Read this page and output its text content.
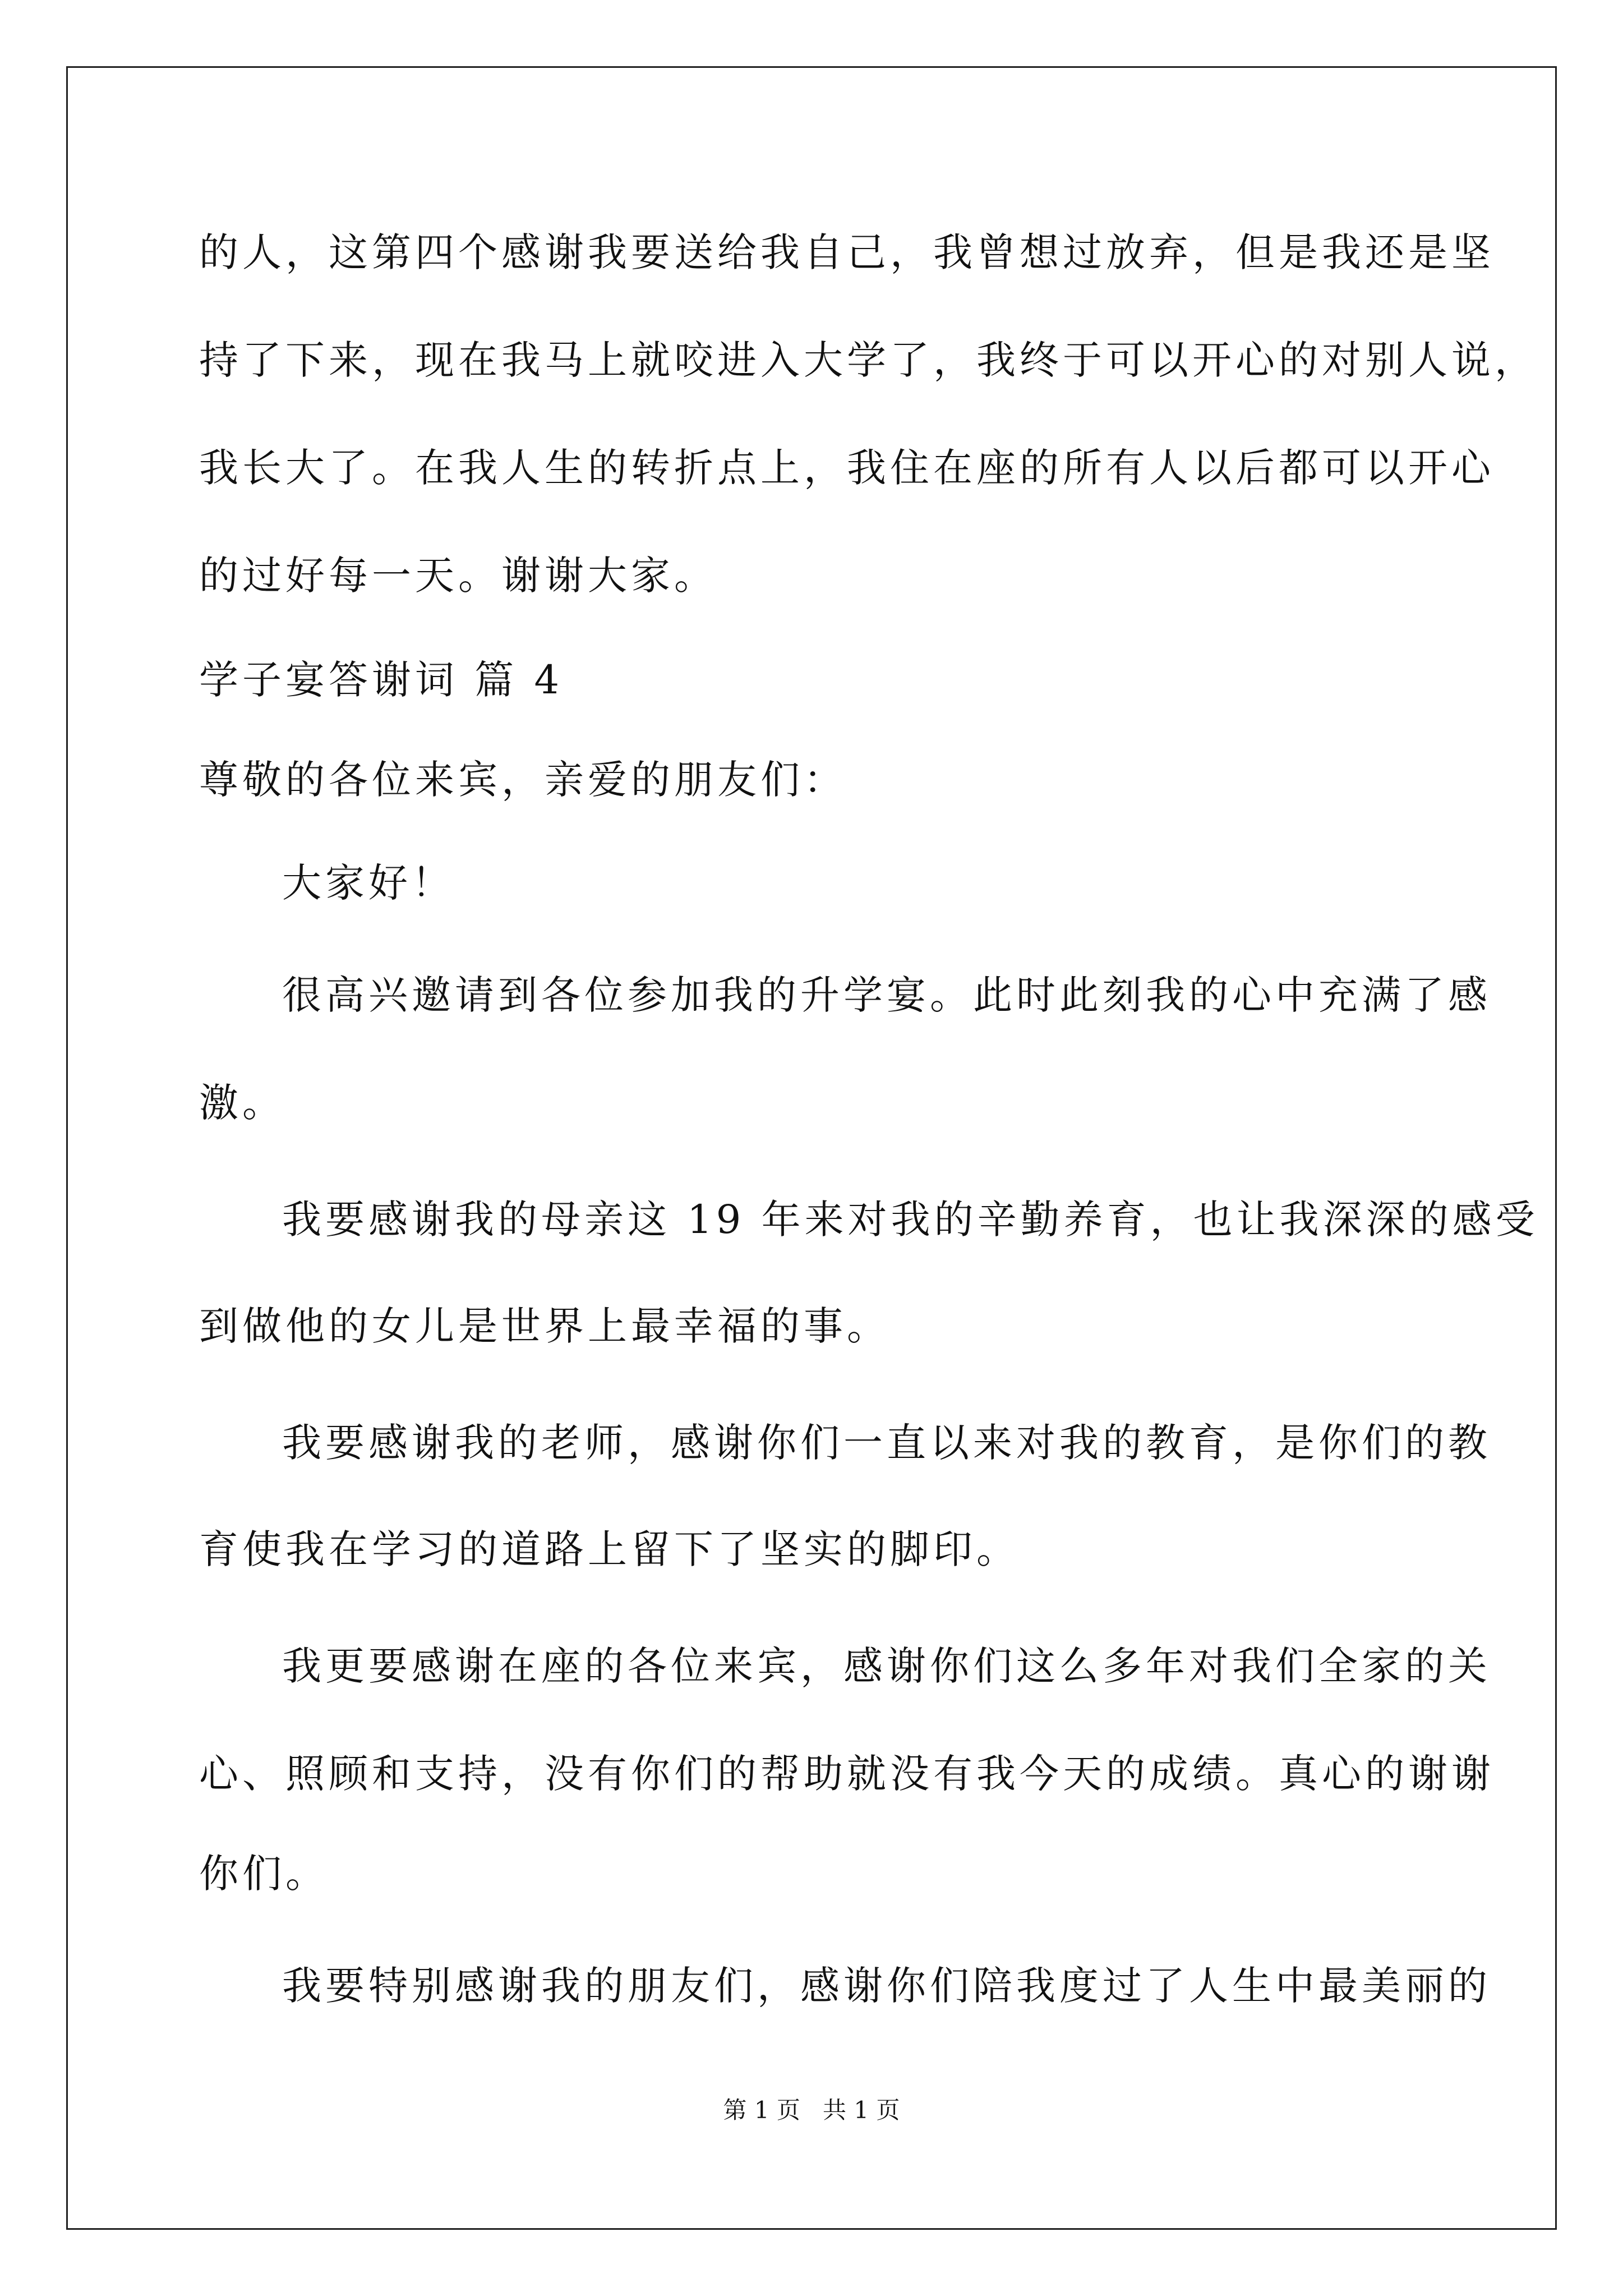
的人，这第四个感谢我要送给我自己，我曾想过放弃，但是我还是坚
持了下来，现在我马上就咬进入大学了，我终于可以开心的对别人说，
我长大了。在我人生的转折点上，我住在座的所有人以后都可以开心
的过好每一天。谢谢大家。
学子宴答谢词 篇 4
尊敬的各位来宾，亲爱的朋友们：
大家好！
很高兴邀请到各位参加我的升学宴。此时此刻我的心中充满了感
激。
我要感谢我的母亲这 19 年来对我的辛勤养育，也让我深深的感受
到做他的女儿是世界上最幸福的事。
我要感谢我的老师，感谢你们一直以来对我的教育，是你们的教
育使我在学习的道路上留下了坚实的脚印。
我更要感谢在座的各位来宾，感谢你们这么多年对我们全家的关
心、照顾和支持，没有你们的帮助就没有我今天的成绩。真心的谢谢
你们。
我要特别感谢我的朋友们，感谢你们陪我度过了人生中最美丽的
第 1 页   共 1 页
